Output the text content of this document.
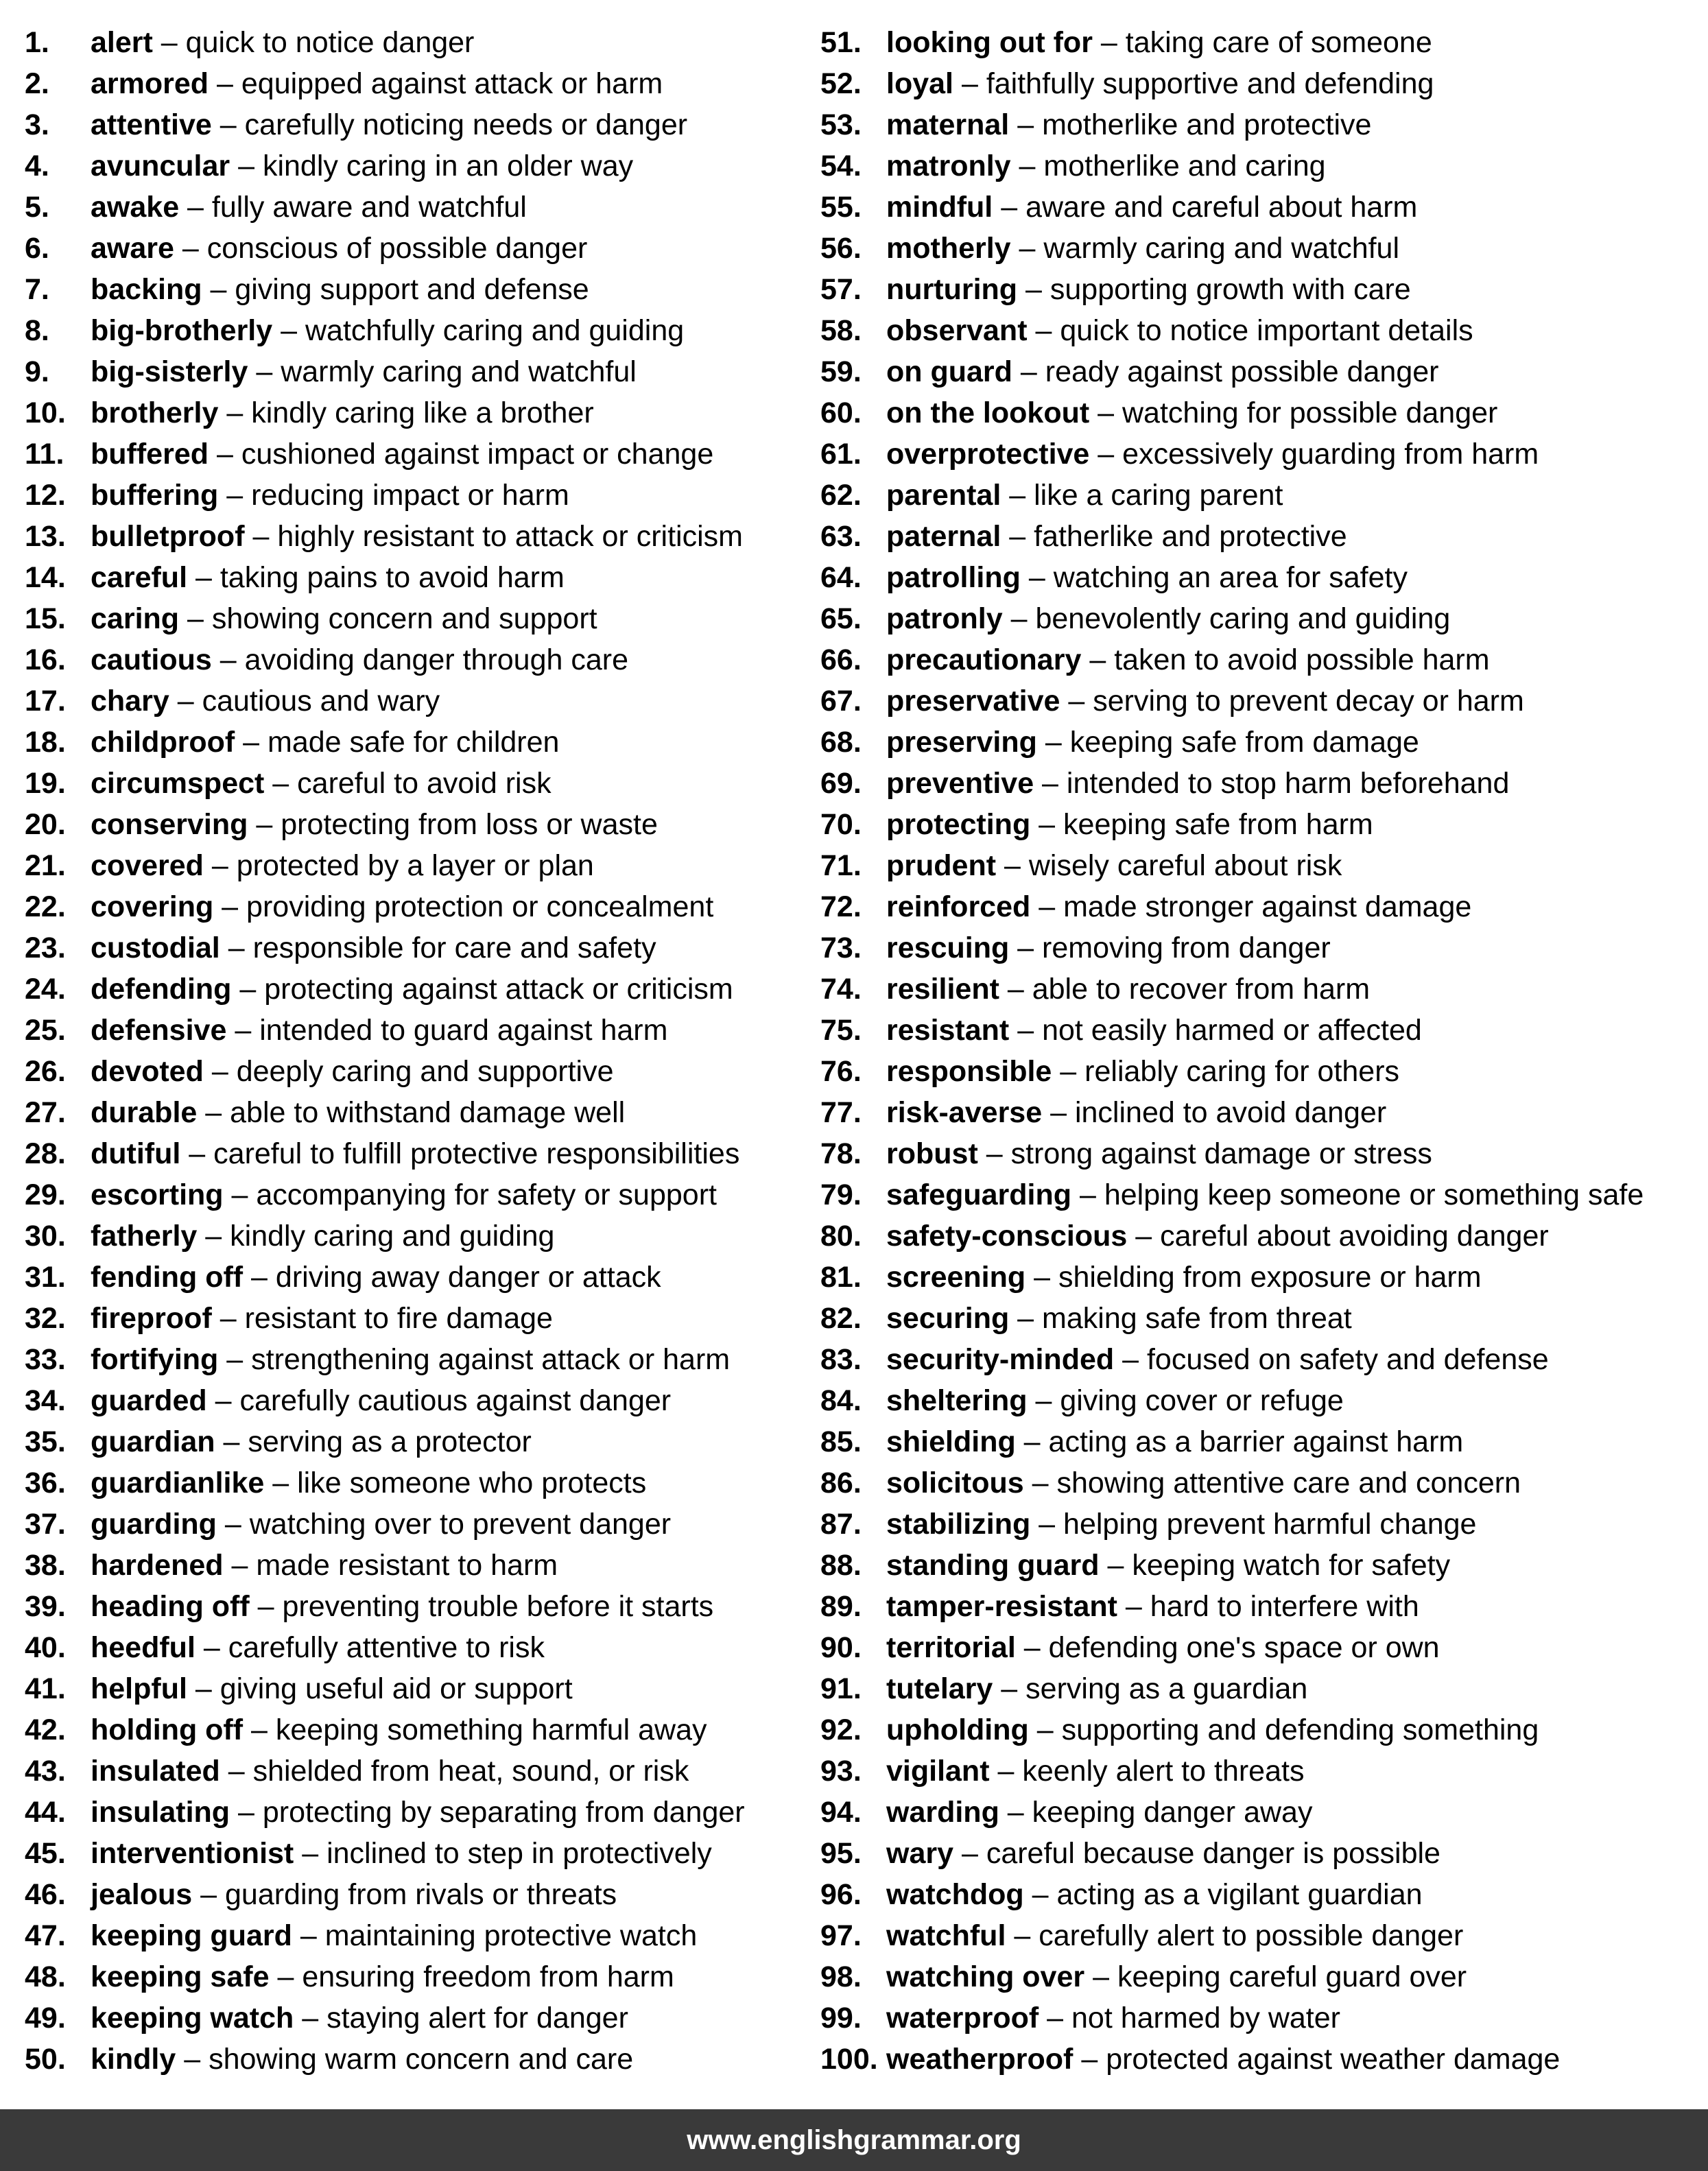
1.	alert – quick to notice danger
2.	armored – equipped against attack or harm
3.	attentive – carefully noticing needs or danger
4.	avuncular – kindly caring in an older way
5.	awake – fully aware and watchful
6.	aware – conscious of possible danger
7.	backing – giving support and defense
8.	big-brotherly – watchfully caring and guiding
9.	big-sisterly – warmly caring and watchful
10. brotherly – kindly caring like a brother
11. buffered – cushioned against impact or change
12. buffering – reducing impact or harm
13. bulletproof – highly resistant to attack or criticism
14. careful – taking pains to avoid harm
15. caring – showing concern and support
16. cautious – avoiding danger through care
17. chary – cautious and wary
18. childproof – made safe for children
19. circumspect – careful to avoid risk
20. conserving – protecting from loss or waste
21. covered – protected by a layer or plan
22. covering – providing protection or concealment
23. custodial – responsible for care and safety
24. defending – protecting against attack or criticism
25. defensive – intended to guard against harm
26. devoted – deeply caring and supportive
27. durable – able to withstand damage well
28. dutiful – careful to fulfill protective responsibilities
29. escorting – accompanying for safety or support
30. fatherly – kindly caring and guiding
31. fending off – driving away danger or attack
32. fireproof – resistant to fire damage
33. fortifying – strengthening against attack or harm
34. guarded – carefully cautious against danger
35. guardian – serving as a protector
36. guardianlike – like someone who protects
37. guarding – watching over to prevent danger
38. hardened – made resistant to harm
39. heading off – preventing trouble before it starts
40. heedful – carefully attentive to risk
41. helpful – giving useful aid or support
42. holding off – keeping something harmful away
43. insulated – shielded from heat, sound, or risk
44. insulating – protecting by separating from danger
45. interventionist – inclined to step in protectively
46. jealous – guarding from rivals or threats
47. keeping guard – maintaining protective watch
48. keeping safe – ensuring freedom from harm
49. keeping watch – staying alert for danger
50. kindly – showing warm concern and care
51. looking out for – taking care of someone
52. loyal – faithfully supportive and defending
53. maternal – motherlike and protective
54. matronly – motherlike and caring
55. mindful – aware and careful about harm
56. motherly – warmly caring and watchful
57. nurturing – supporting growth with care
58. observant – quick to notice important details
59. on guard – ready against possible danger
60. on the lookout – watching for possible danger
61. overprotective – excessively guarding from harm
62. parental – like a caring parent
63. paternal – fatherlike and protective
64. patrolling – watching an area for safety
65. patronly – benevolently caring and guiding
66. precautionary – taken to avoid possible harm
67. preservative – serving to prevent decay or harm
68. preserving – keeping safe from damage
69. preventive – intended to stop harm beforehand
70. protecting – keeping safe from harm
71. prudent – wisely careful about risk
72. reinforced – made stronger against damage
73. rescuing – removing from danger
74. resilient – able to recover from harm
75. resistant – not easily harmed or affected
76. responsible – reliably caring for others
77. risk-averse – inclined to avoid danger
78. robust – strong against damage or stress
79. safeguarding – helping keep someone or something safe
80. safety-conscious – careful about avoiding danger
81. screening – shielding from exposure or harm
82. securing – making safe from threat
83. security-minded – focused on safety and defense
84. sheltering – giving cover or refuge
85. shielding – acting as a barrier against harm
86. solicitous – showing attentive care and concern
87. stabilizing – helping prevent harmful change
88. standing guard – keeping watch for safety
89. tamper-resistant – hard to interfere with
90. territorial – defending one's space or own
91. tutelary – serving as a guardian
92. upholding – supporting and defending something
93. vigilant – keenly alert to threats
94. warding – keeping danger away
95. wary – careful because danger is possible
96. watchdog – acting as a vigilant guardian
97. watchful – carefully alert to possible danger
98. watching over – keeping careful guard over
99. waterproof – not harmed by water
100. weatherproof – protected against weather damage
www.englishgrammar.org
